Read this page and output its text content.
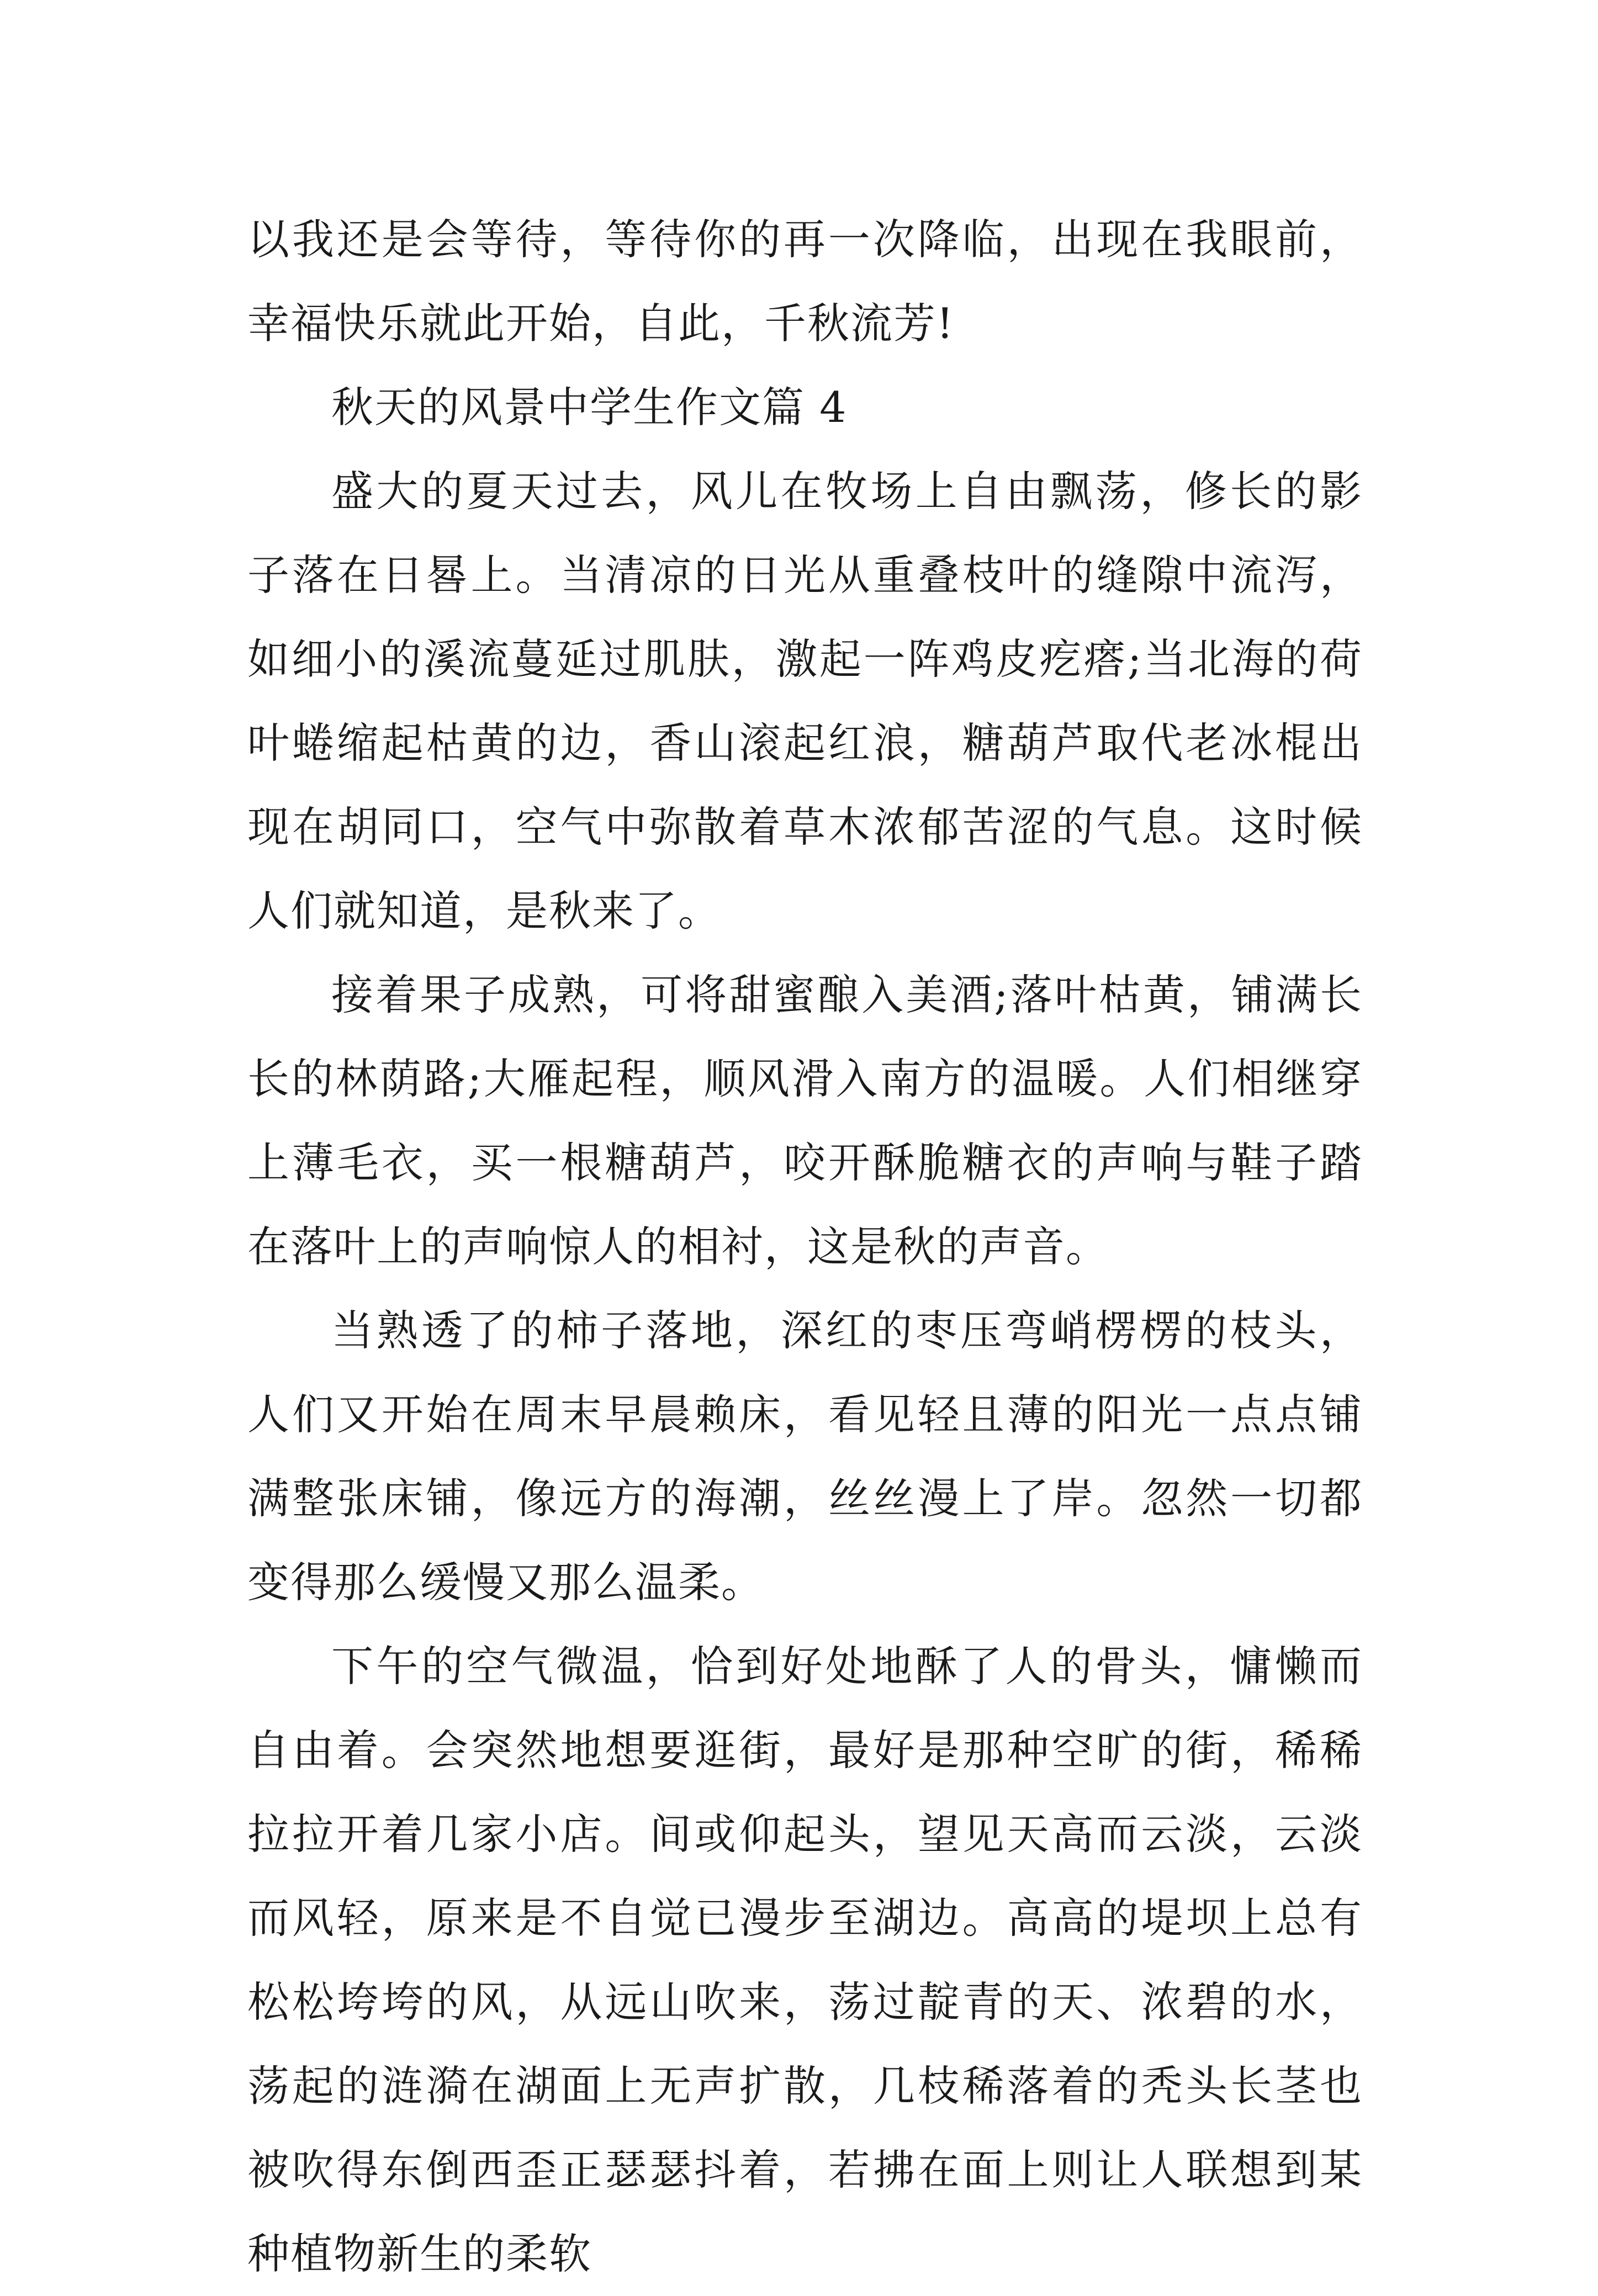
以我还是会等待，等待你的再一次降临，出现在我眼前，幸福快乐就此开始，自此，千秋流芳!

秋天的风景中学生作文篇 4

盛大的夏天过去，风儿在牧场上自由飘荡，修长的影子落在日晷上。当清凉的日光从重叠枝叶的缝隙中流泻，如细小的溪流蔓延过肌肤，激起一阵鸡皮疙瘩;当北海的荷叶蜷缩起枯黄的边，香山滚起红浪，糖葫芦取代老冰棍出现在胡同口，空气中弥散着草木浓郁苦涩的气息。这时候人们就知道，是秋来了。

接着果子成熟，可将甜蜜酿入美酒;落叶枯黄，铺满长长的林荫路;大雁起程，顺风滑入南方的温暖。人们相继穿上薄毛衣，买一根糖葫芦，咬开酥脆糖衣的声响与鞋子踏在落叶上的声响惊人的相衬，这是秋的声音。

当熟透了的柿子落地，深红的枣压弯峭楞楞的枝头，人们又开始在周末早晨赖床，看见轻且薄的阳光一点点铺满整张床铺，像远方的海潮，丝丝漫上了岸。忽然一切都变得那么缓慢又那么温柔。

下午的空气微温，恰到好处地酥了人的骨头，慵懒而自由着。会突然地想要逛街，最好是那种空旷的街，稀稀拉拉开着几家小店。间或仰起头，望见天高而云淡，云淡而风轻，原来是不自觉已漫步至湖边。高高的堤坝上总有松松垮垮的风，从远山吹来，荡过靛青的天、浓碧的水，荡起的涟漪在湖面上无声扩散，几枝稀落着的秃头长茎也被吹得东倒西歪正瑟瑟抖着，若拂在面上则让人联想到某种植物新生的柔软
